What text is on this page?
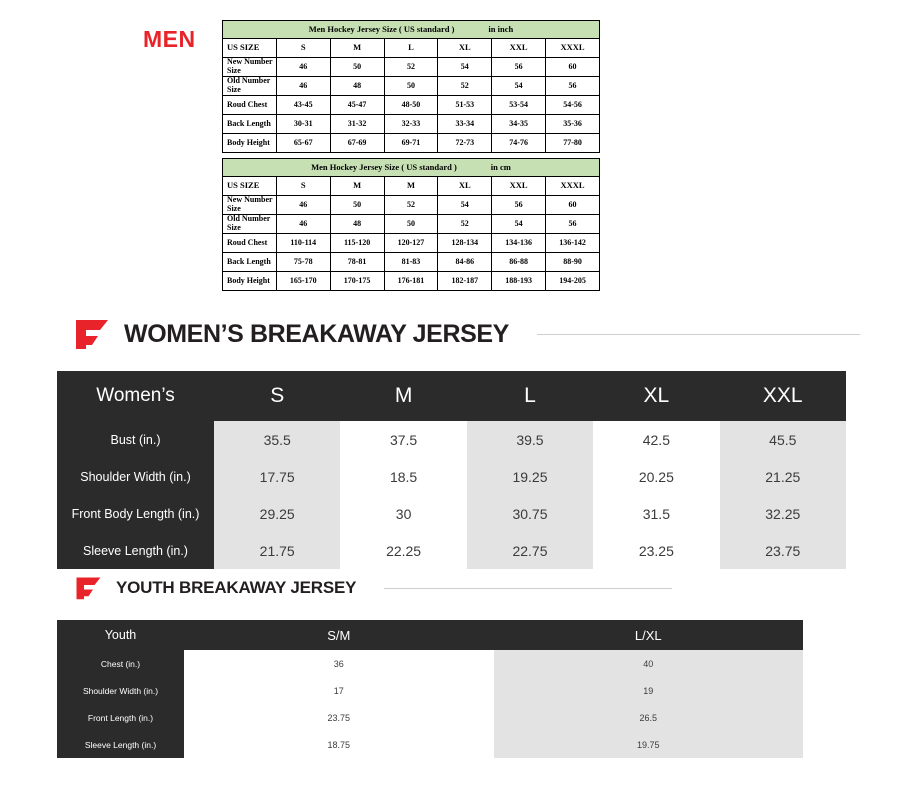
MEN	Men Hockey Jersey Size ( US standard ) in inch						
US SIZE	S	M	L	XL	XXL	XXXL
New Number Size	46	50	52	54	56	60
Old Number Size	46	48	50	52	54	56
Roud Chest	43-45	45-47	48-50	51-53	53-54	54-56
Back Length	30-31	31-32	32-33	33-34	34-35	35-36
Body Height	65-67	67-69	69-71	72-73	74-76	77-80
Men Hockey Jersey Size ( US standard ) in cm						
US SIZE	S	M	M	XL	XXL	XXXL
New Number Size	46	50	52	54	56	60
Old Number Size	46	48	50	52	54	56
Roud Chest	110-114	115-120	120-127	128-134	134-136	136-142
Back Length	75-78	78-81	81-83	84-86	86-88	88-90
Body Height	165-170	170-175	176-181	182-187	188-193	194-205
WOMEN’S BREAKAWAY JERSEY
Women’s	S	M	L	XL	XXL
Bust (in.)	35.5	37.5	39.5	42.5	45.5
Shoulder Width (in.)	17.75	18.5	19.25	20.25	21.25
Front Body Length (in.)	29.25	30	30.75	31.5	32.25
Sleeve Length (in.)	21.75	22.25	22.75	23.25	23.75
YOUTH BREAKAWAY JERSEY
Youth	S/M	L/XL
Chest (in.)	36	40
Shoulder Width (in.)	17	19
Front Length (in.)	23.75	26.5
Sleeve Length (in.)	18.75	19.75
